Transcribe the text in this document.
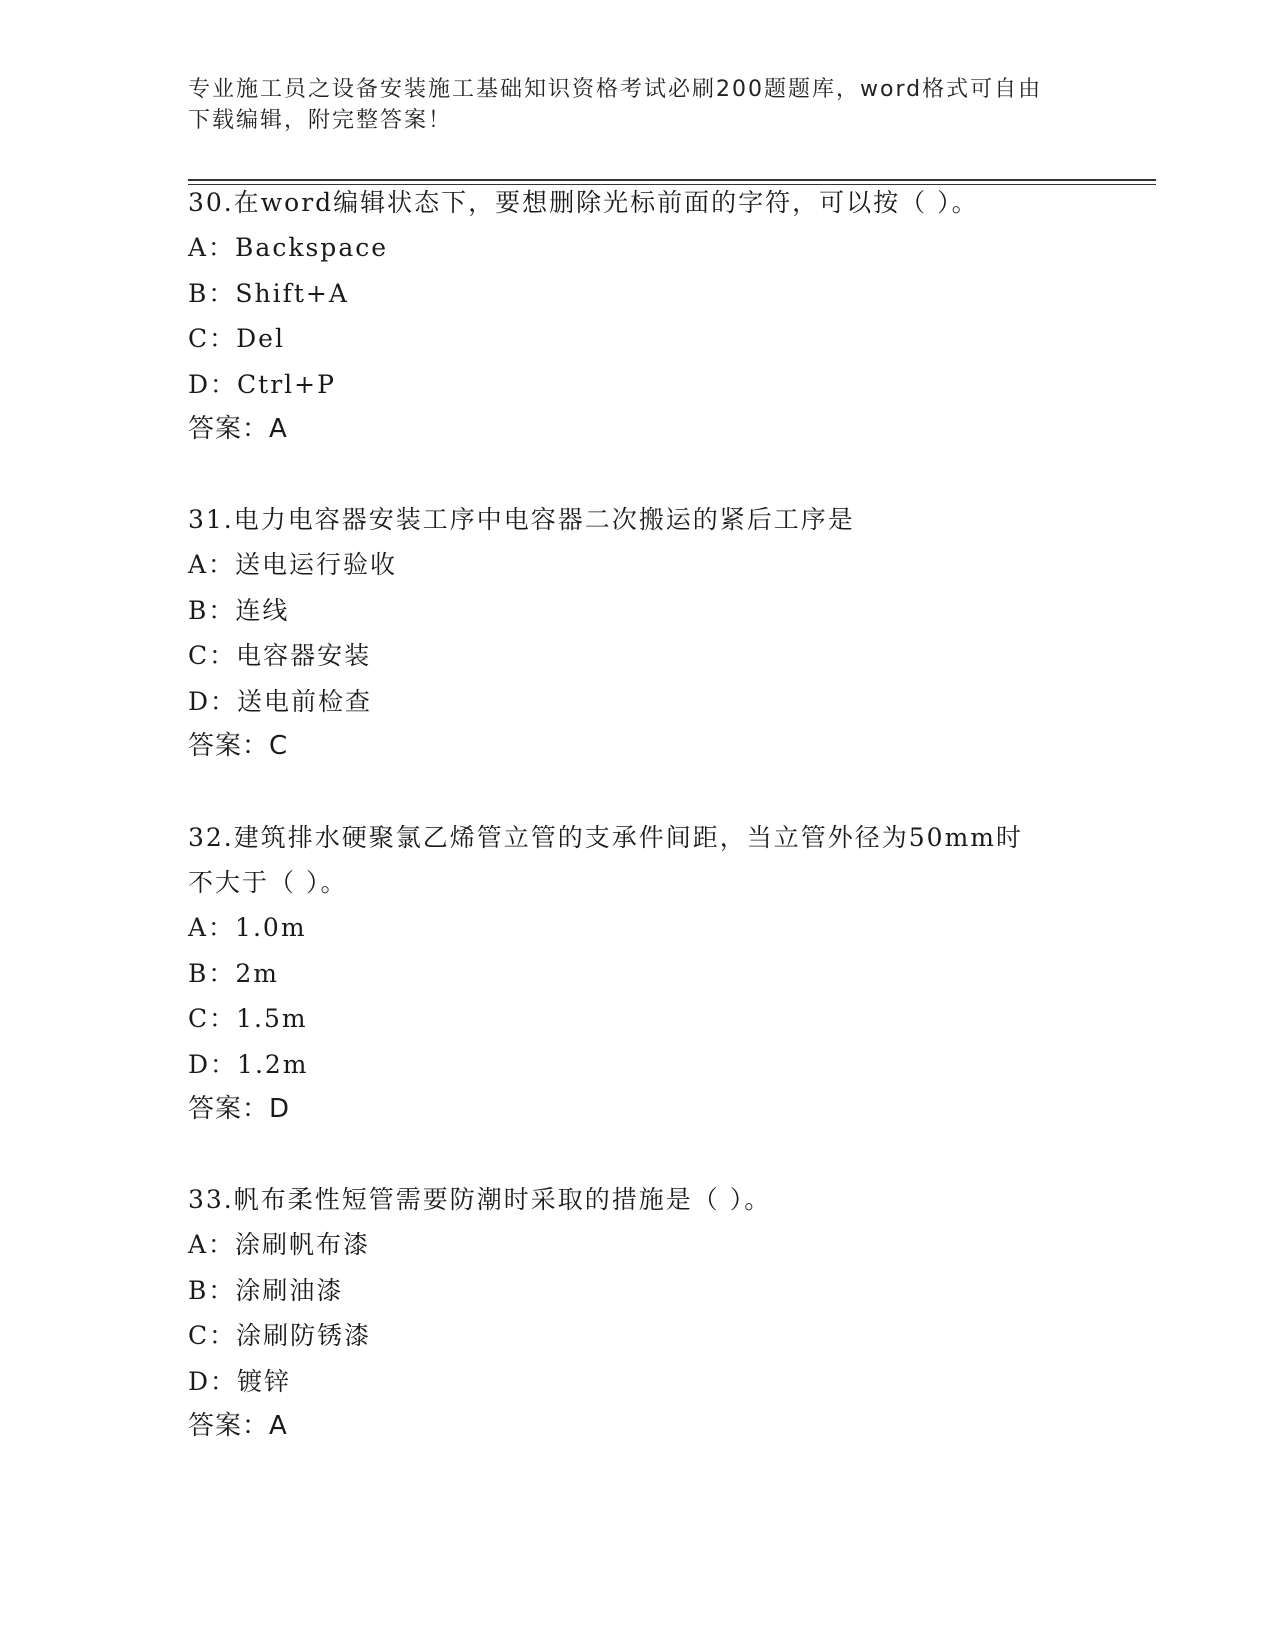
专业施工员之设备安装施工基础知识资格考试必刷200题题库，word格式可自由
下载编辑，附完整答案！

30.在word编辑状态下，要想删除光标前面的字符，可以按（ ）。

A：Backspace

B：Shift+A

C：Del

D：Ctrl+P

答案：A

31.电力电容器安装工序中电容器二次搬运的紧后工序是

A：送电运行验收

B：连线

C：电容器安装

D：送电前检查

答案：C

32.建筑排水硬聚氯乙烯管立管的支承件间距，当立管外径为50mm时

不大于（ ）。

A：1.0m

B：2m

C：1.5m

D：1.2m

答案：D

33.帆布柔性短管需要防潮时采取的措施是（ ）。

A：涂刷帆布漆

B：涂刷油漆

C：涂刷防锈漆

D：镀锌

答案：A
